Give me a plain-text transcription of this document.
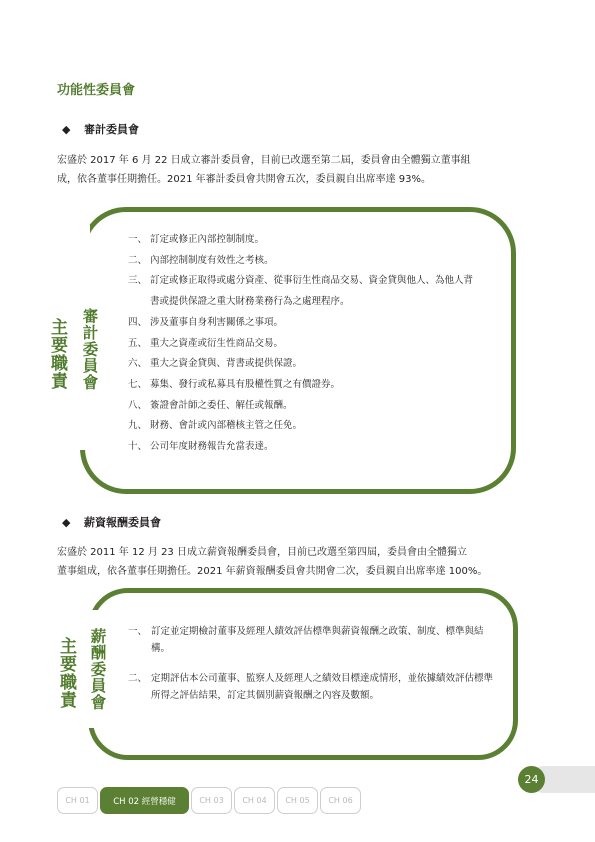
功能性委員會
◆ 審計委員會
宏盛於 2017 年 6 月 22 日成立審計委員會，目前已改選至第二屆，委員會由全體獨立董事組
成，依各董事任期擔任。2021 年審計委員會共開會五次，委員親自出席率達 93%。
主要職責 審計委員會
一、 訂定或修正內部控制制度。
二、 內部控制制度有效性之考核。
三、 訂定或修正取得或處分資產、從事衍生性商品交易、資金貸與他人、為他人背書或提供保證之重大財務業務行為之處理程序。
四、 涉及董事自身利害關係之事項。
五、 重大之資產或衍生性商品交易。
六、 重大之資金貸與、背書或提供保證。
七、 募集、發行或私募具有股權性質之有價證券。
八、 簽證會計師之委任、解任或報酬。
九、 財務、會計或內部稽核主管之任免。
十、 公司年度財務報告允當表達。
◆ 薪資報酬委員會
宏盛於 2011 年 12 月 23 日成立薪資報酬委員會，目前已改選至第四屆，委員會由全體獨立
董事組成，依各董事任期擔任。2021 年薪資報酬委員會共開會二次，委員親自出席率達 100%。
主要職責 薪酬委員會 一、 訂定並定期檢討董事及經理人績效評估標準與薪資報酬之政策、制度、標準與結構。
二、 定期評估本公司董事、監察人及經理人之績效目標達成情形，並依據績效評估標準所得之評估結果，訂定其個別薪資報酬之內容及數額。
24
CH 01	CH 02 經營穩健	CH 03	CH 04	CH 05	CH 06
